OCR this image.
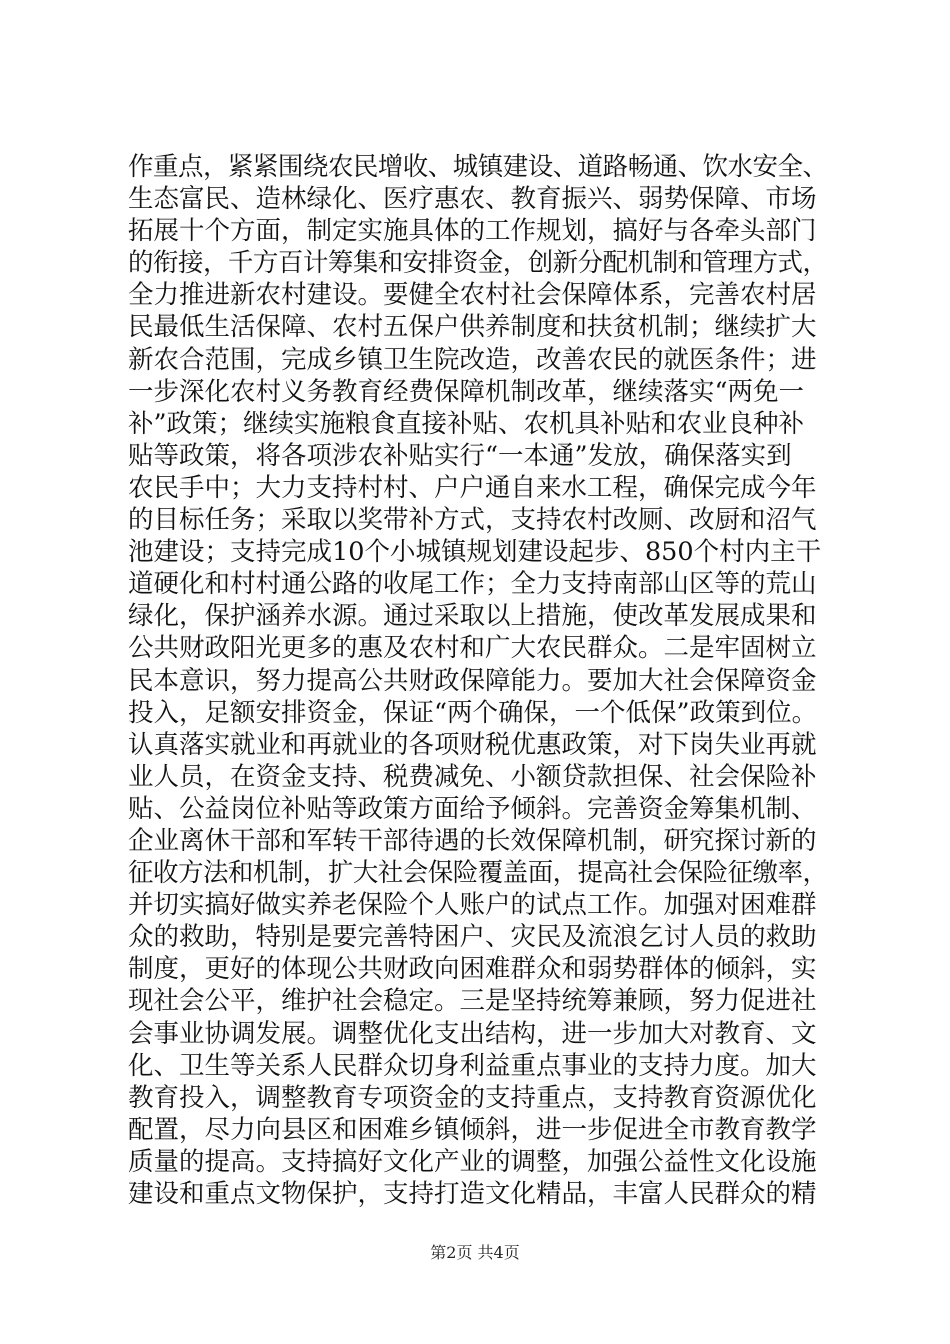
作重点，紧紧围绕农民增收、城镇建设、道路畅通、饮水安全、
生态富民、造林绿化、医疗惠农、教育振兴、弱势保障、市场
拓展十个方面，制定实施具体的工作规划，搞好与各牵头部门
的衔接，千方百计筹集和安排资金，创新分配机制和管理方式，
全力推进新农村建设。要健全农村社会保障体系，完善农村居
民最低生活保障、农村五保户供养制度和扶贫机制；继续扩大
新农合范围，完成乡镇卫生院改造，改善农民的就医条件；进
一步深化农村义务教育经费保障机制改革，继续落实“两免一
补”政策；继续实施粮食直接补贴、农机具补贴和农业良种补
贴等政策，将各项涉农补贴实行“一本通”发放，确保落实到
农民手中；大力支持村村、户户通自来水工程，确保完成今年
的目标任务；采取以奖带补方式，支持农村改厕、改厨和沼气
池建设；支持完成10个小城镇规划建设起步、850个村内主干
道硬化和村村通公路的收尾工作；全力支持南部山区等的荒山
绿化，保护涵养水源。通过采取以上措施，使改革发展成果和
公共财政阳光更多的惠及农村和广大农民群众。二是牢固树立
民本意识，努力提高公共财政保障能力。要加大社会保障资金
投入，足额安排资金，保证“两个确保，一个低保”政策到位。
认真落实就业和再就业的各项财税优惠政策，对下岗失业再就
业人员，在资金支持、税费减免、小额贷款担保、社会保险补
贴、公益岗位补贴等政策方面给予倾斜。完善资金筹集机制、
企业离休干部和军转干部待遇的长效保障机制，研究探讨新的
征收方法和机制，扩大社会保险覆盖面，提高社会保险征缴率，
并切实搞好做实养老保险个人账户的试点工作。加强对困难群
众的救助，特别是要完善特困户、灾民及流浪乞讨人员的救助
制度，更好的体现公共财政向困难群众和弱势群体的倾斜，实
现社会公平，维护社会稳定。三是坚持统筹兼顾，努力促进社
会事业协调发展。调整优化支出结构，进一步加大对教育、文
化、卫生等关系人民群众切身利益重点事业的支持力度。加大
教育投入，调整教育专项资金的支持重点，支持教育资源优化
配置，尽力向县区和困难乡镇倾斜，进一步促进全市教育教学
质量的提高。支持搞好文化产业的调整，加强公益性文化设施
建设和重点文物保护，支持打造文化精品，丰富人民群众的精
第2页 共4页
